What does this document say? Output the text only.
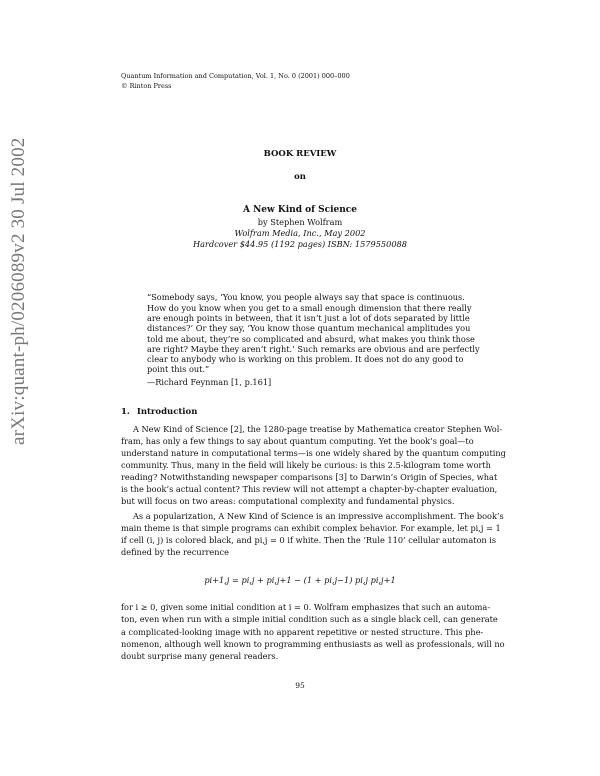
arXiv:quant-ph/0206089v2 30 Jul 2002
Quantum Information and Computation, Vol. 1, No. 0 (2001) 000–000
© Rinton Press
BOOK REVIEW
on
A New Kind of Science
by Stephen Wolfram
Wolfram Media, Inc., May 2002
Hardcover $44.95 (1192 pages) ISBN: 1579550088
“Somebody says, ‘You know, you people always say that space is continuous.
How do you know when you get to a small enough dimension that there really
are enough points in between, that it isn’t just a lot of dots separated by little
distances?’ Or they say, ‘You know those quantum mechanical amplitudes you
told me about, they’re so complicated and absurd, what makes you think those
are right? Maybe they aren’t right.’ Such remarks are obvious and are perfectly
clear to anybody who is working on this problem. It does not do any good to
point this out.”
—Richard Feynman [1, p.161]
1. Introduction
A New Kind of Science [2], the 1280-page treatise by Mathematica creator Stephen Wol-
fram, has only a few things to say about quantum computing. Yet the book’s goal—to
understand nature in computational terms—is one widely shared by the quantum computing
community. Thus, many in the field will likely be curious: is this 2.5-kilogram tome worth
reading? Notwithstanding newspaper comparisons [3] to Darwin’s Origin of Species, what
is the book’s actual content? This review will not attempt a chapter-by-chapter evaluation,
but will focus on two areas: computational complexity and fundamental physics.
As a popularization, A New Kind of Science is an impressive accomplishment. The book’s
main theme is that simple programs can exhibit complex behavior. For example, let pi,j = 1
if cell (i, j) is colored black, and pi,j = 0 if white. Then the ‘Rule 110’ cellular automaton is
defined by the recurrence
pi+1,j = pi,j + pi,j+1 − (1 + pi,j−1) pi,j pi,j+1
for i ≥ 0, given some initial condition at i = 0. Wolfram emphasizes that such an automa-
ton, even when run with a simple initial condition such as a single black cell, can generate
a complicated-looking image with no apparent repetitive or nested structure. This phe-
nomenon, although well known to programming enthusiasts as well as professionals, will no
doubt surprise many general readers.
95
